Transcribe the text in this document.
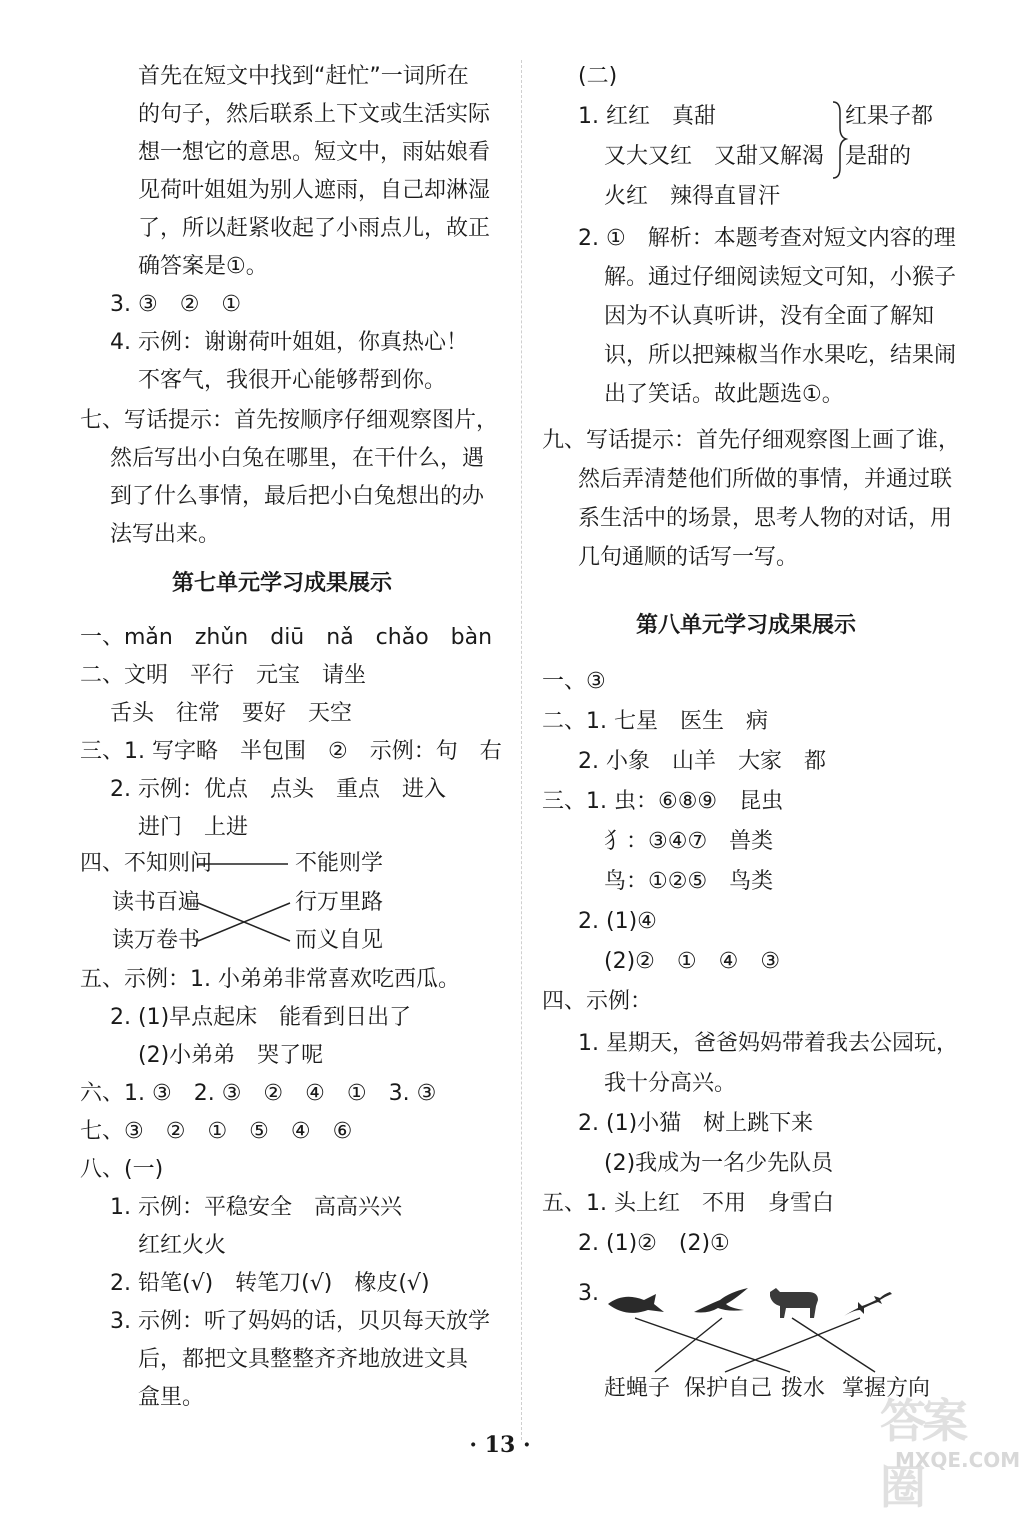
首先在短文中找到“赶忙”一词所在
的句子，然后联系上下文或生活实际
想一想它的意思。短文中，雨姑娘看
见荷叶姐姐为别人遮雨，自己却淋湿
了，所以赶紧收起了小雨点儿，故正
确答案是①。
3. ③　②　①
4. 示例：谢谢荷叶姐姐，你真热心！
不客气，我很开心能够帮到你。
七、写话提示：首先按顺序仔细观察图片，
然后写出小白兔在哪里，在干什么，遇
到了什么事情，最后把小白兔想出的办
法写出来。
一、mǎn　zhǔn　diū　nǎ　chǎo　bàn
二、文明　平行　元宝　请坐
舌头　往常　要好　天空
三、1. 写字略　半包围　②　示例：句　右
2. 示例：优点　点头　重点　进入
进门　上进
四、不知则问	不能则学
读书百遍	行万里路
读万卷书	而义自见
五、示例：1. 小弟弟非常喜欢吃西瓜。
2. (1)早点起床　能看到日出了
(2)小弟弟　哭了呢
六、1. ③　2. ③　②　④　①　3. ③
七、③　②　①　⑤　④　⑥
八、(一)
1. 示例：平稳安全　高高兴兴
红红火火
2. 铅笔(√)　转笔刀(√)　橡皮(√)
3. 示例：听了妈妈的话，贝贝每天放学
后，都把文具整整齐齐地放进文具
盒里。
第七单元学习成果展示
(二)
1. 红红　真甜	红果子都
又大又红　又甜又解渴 是甜的
火红　辣得直冒汗
2. ①　解析：本题考查对短文内容的理
解。通过仔细阅读短文可知，小猴子
因为不认真听讲，没有全面了解知
识，所以把辣椒当作水果吃，结果闹
出了笑话。故此题选①。
九、写话提示：首先仔细观察图上画了谁，
然后弄清楚他们所做的事情，并通过联
系生活中的场景，思考人物的对话，用
几句通顺的话写一写。
一、③
二、1. 七星　医生　病
2. 小象　山羊　大家　都
三、1. 虫：⑥⑧⑨　昆虫
犭：③④⑦　兽类
鸟：①②⑤　鸟类
2. (1)④
(2)②　①　④　③
四、示例：
1. 星期天，爸爸妈妈带着我去公园玩，
我十分高兴。
2. (1)小猫　树上跳下来
(2)我成为一名少先队员
五、1. 头上红　不用　身雪白
2. (1)②　(2)①
3.
赶蝇子 保护自己 拨水 掌握方向
第八单元学习成果展示
· 13 ·	答案圈
MXQE.COM
